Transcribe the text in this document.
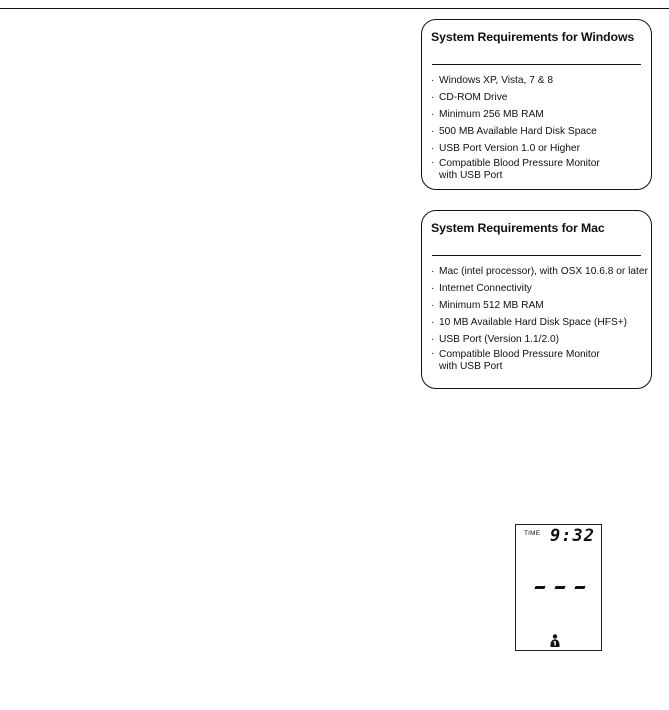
System Requirements for Windows
· Windows XP, Vista, 7 & 8
· CD-ROM Drive
· Minimum 256 MB RAM
· 500 MB Available Hard Disk Space
· USB Port Version 1.0 or Higher
· Compatible Blood Pressure Monitor with USB Port
System Requirements for Mac
· Mac (intel processor), with OSX 10.6.8 or later
· Internet Connectivity
· Minimum 512 MB RAM
· 10 MB Available Hard Disk Space (HFS+)
· USB Port (Version 1.1/2.0)
· Compatible Blood Pressure Monitor with USB Port
TIME 9:32
